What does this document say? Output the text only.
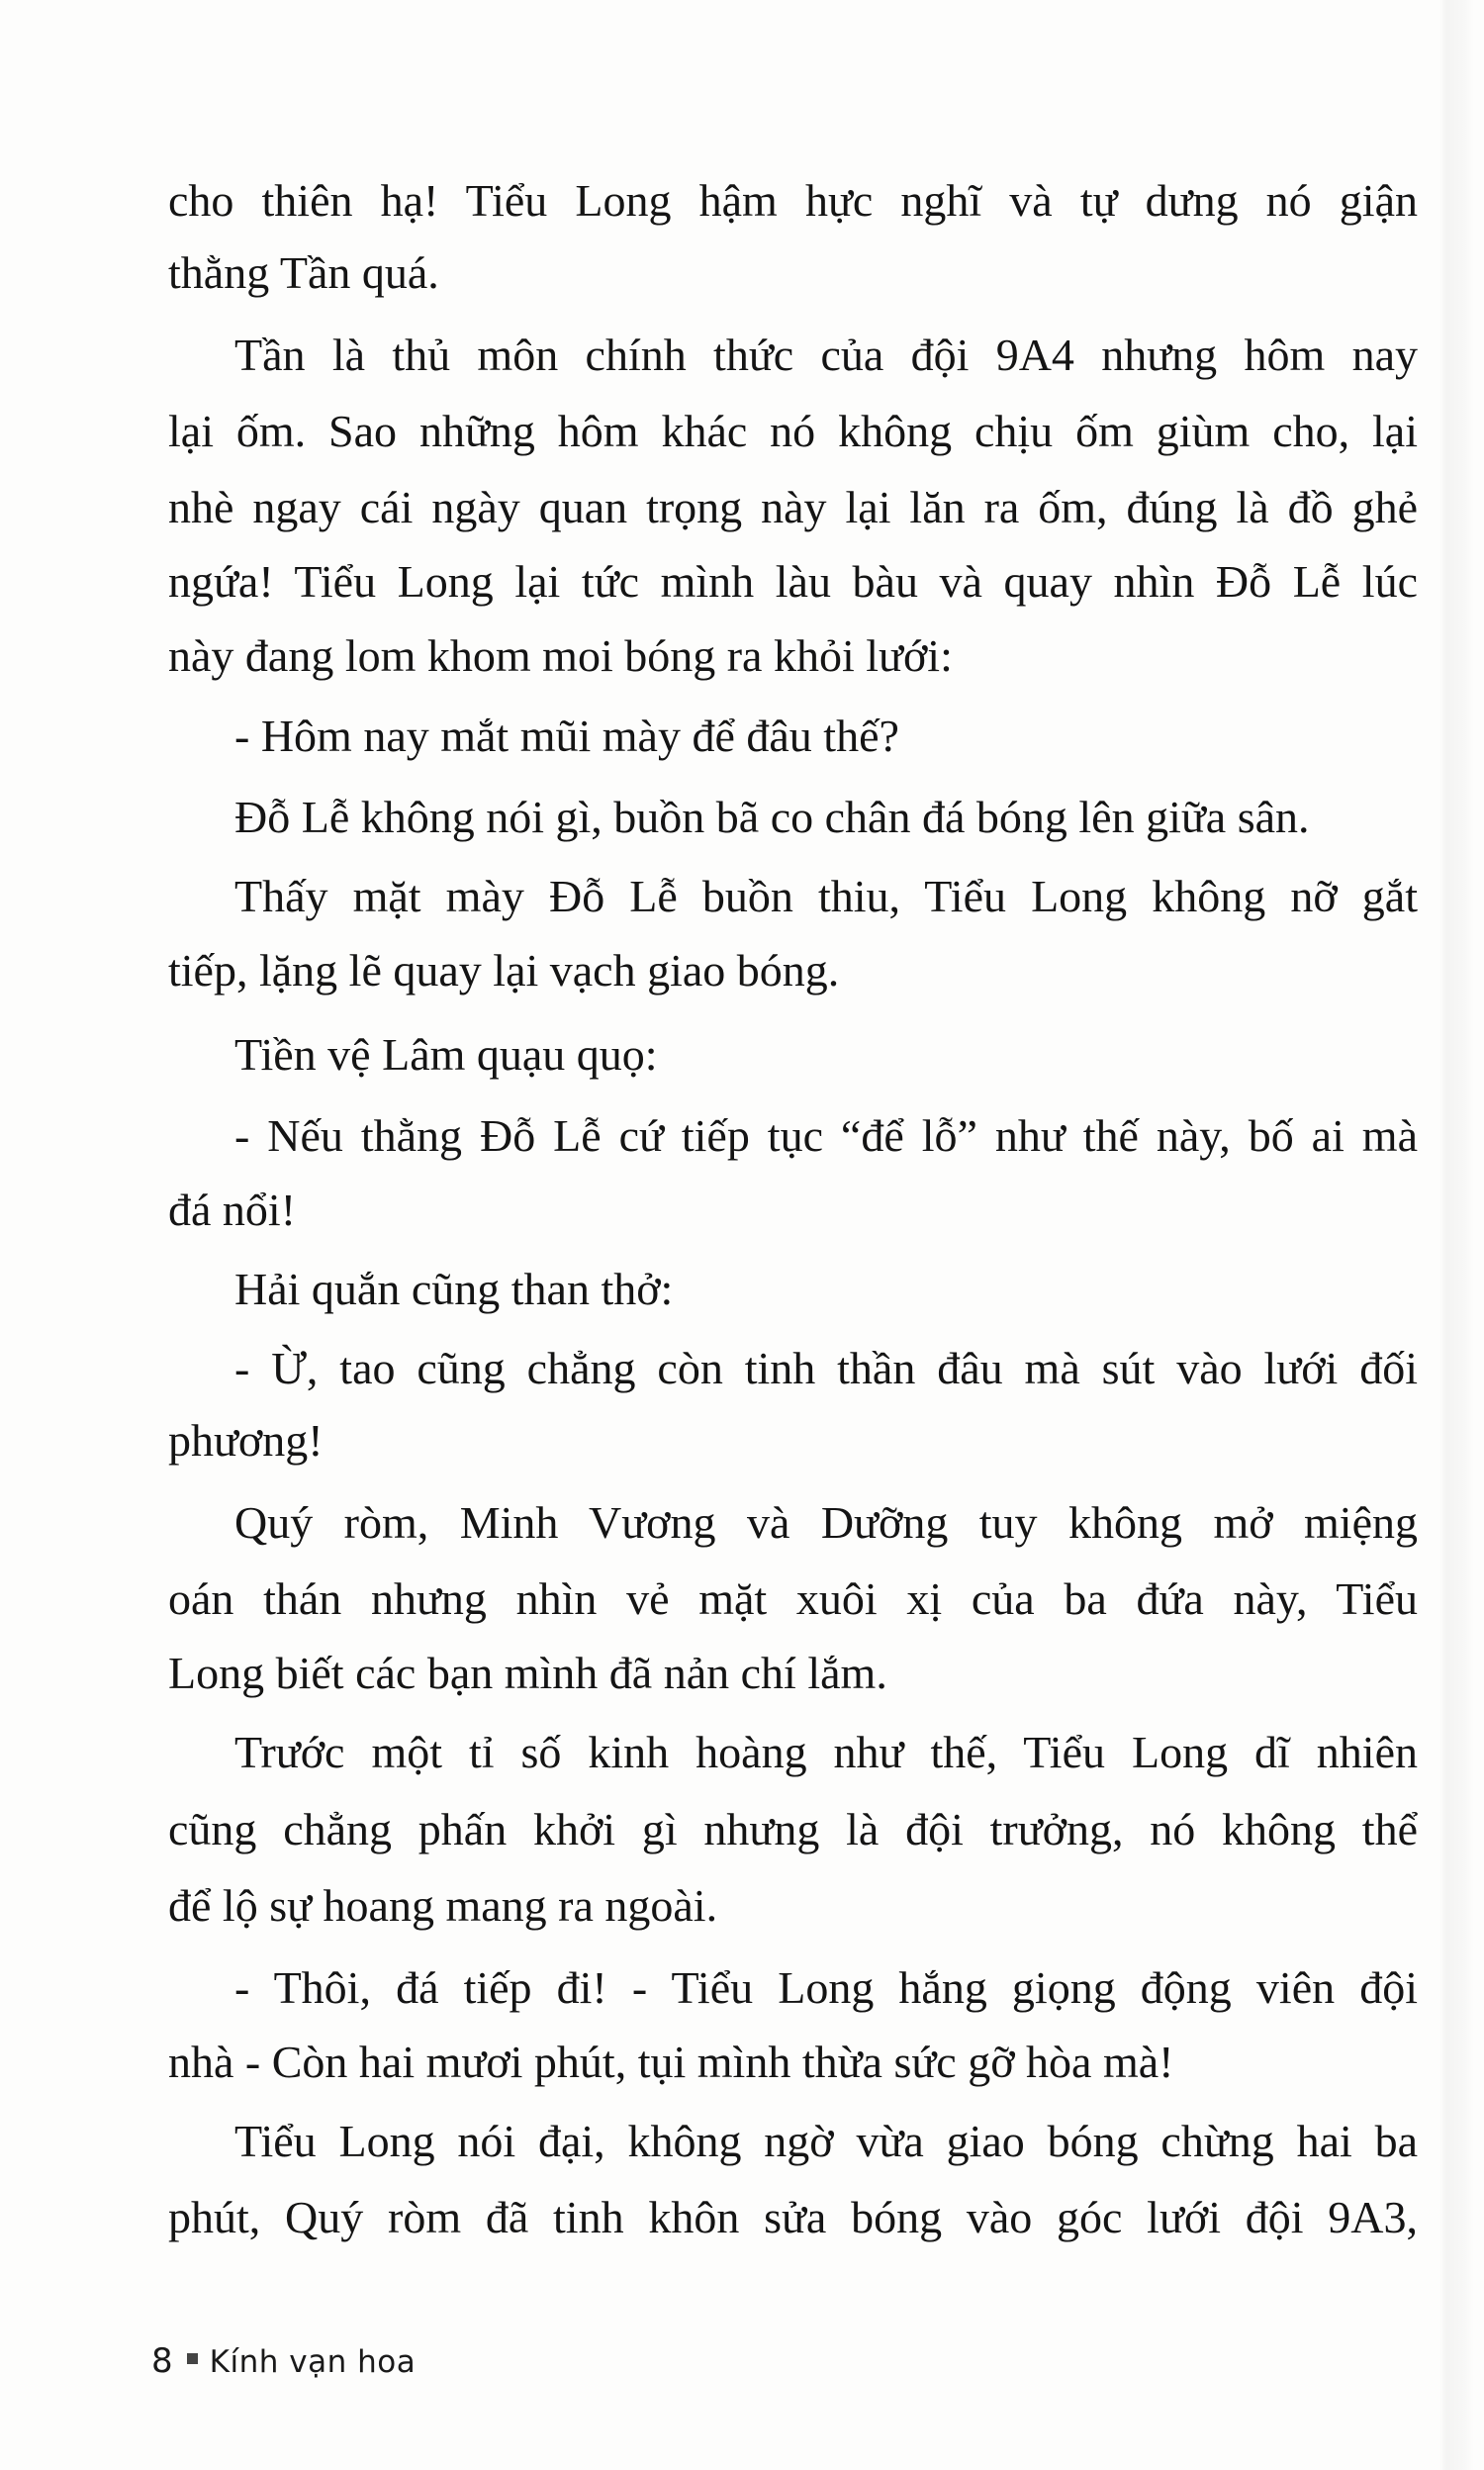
cho thiên hạ! Tiểu Long hậm hực nghĩ và tự dưng nó giận
thằng Tần quá.
Tần là thủ môn chính thức của đội 9A4 nhưng hôm nay
lại ốm. Sao những hôm khác nó không chịu ốm giùm cho, lại
nhè ngay cái ngày quan trọng này lại lăn ra ốm, đúng là đồ ghẻ
ngứa! Tiểu Long lại tức mình làu bàu và quay nhìn Đỗ Lễ lúc
này đang lom khom moi bóng ra khỏi lưới:
- Hôm nay mắt mũi mày để đâu thế?
Đỗ Lễ không nói gì, buồn bã co chân đá bóng lên giữa sân.
Thấy mặt mày Đỗ Lễ buồn thiu, Tiểu Long không nỡ gắt
tiếp, lặng lẽ quay lại vạch giao bóng.
Tiền vệ Lâm quạu quọ:
- Nếu thằng Đỗ Lễ cứ tiếp tục “để lỗ” như thế này, bố ai mà
đá nổi!
Hải quắn cũng than thở:
- Ừ, tao cũng chẳng còn tinh thần đâu mà sút vào lưới đối
phương!
Quý ròm, Minh Vương và Dưỡng tuy không mở miệng
oán thán nhưng nhìn vẻ mặt xuôi xị của ba đứa này, Tiểu
Long biết các bạn mình đã nản chí lắm.
Trước một tỉ số kinh hoàng như thế, Tiểu Long dĩ nhiên
cũng chẳng phấn khởi gì nhưng là đội trưởng, nó không thể
để lộ sự hoang mang ra ngoài.
- Thôi, đá tiếp đi! - Tiểu Long hắng giọng động viên đội
nhà - Còn hai mươi phút, tụi mình thừa sức gỡ hòa mà!
Tiểu Long nói đại, không ngờ vừa giao bóng chừng hai ba
phút, Quý ròm đã tinh khôn sửa bóng vào góc lưới đội 9A3,
8 Kính vạn hoa
